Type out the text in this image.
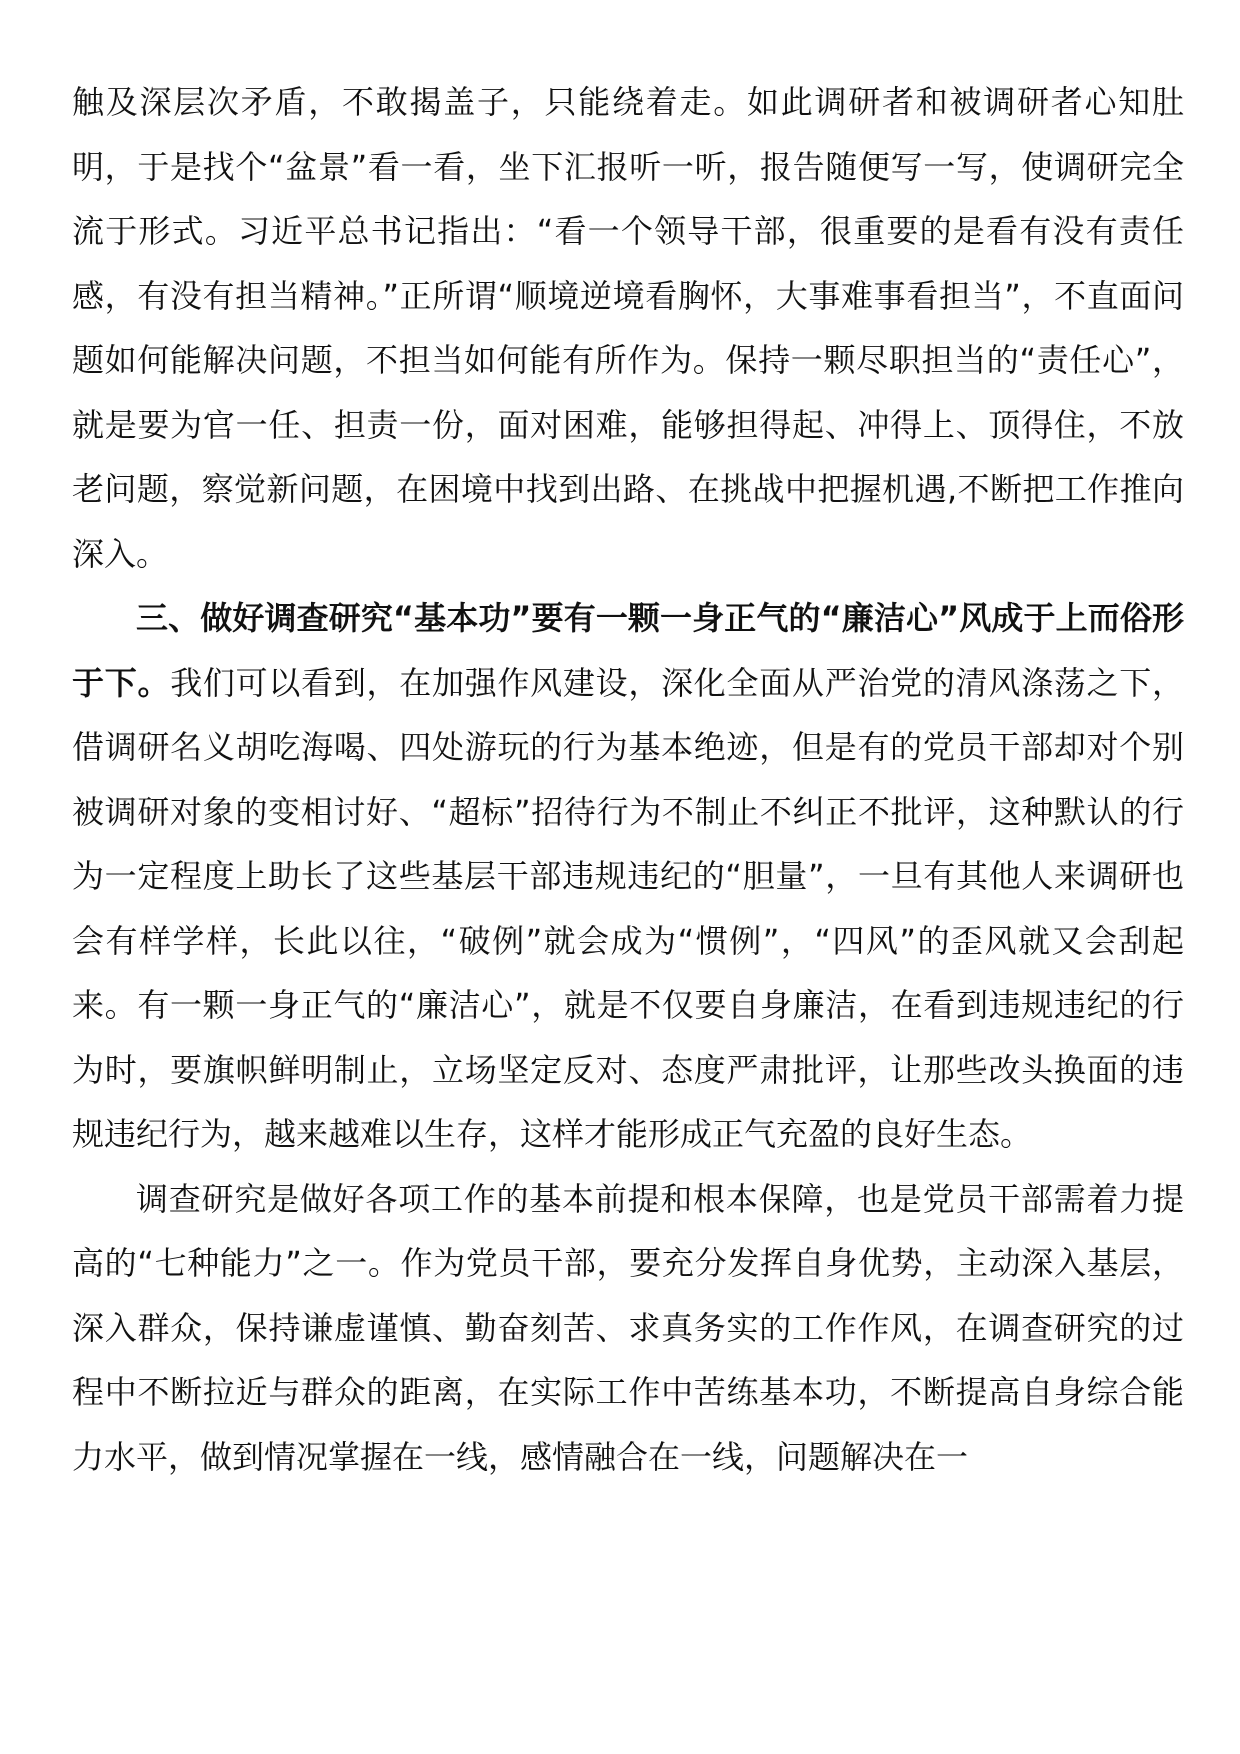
触及深层次矛盾，不敢揭盖子，只能绕着走。如此调研者和被调研者心知肚明，于是找个“盆景”看一看，坐下汇报听一听，报告随便写一写，使调研完全流于形式。习近平总书记指出：“看一个领导干部，很重要的是看有没有责任感，有没有担当精神。”正所谓“顺境逆境看胸怀，大事难事看担当”，不直面问题如何能解决问题，不担当如何能有所作为。保持一颗尽职担当的“责任心”，就是要为官一任、担责一份，面对困难，能够担得起、冲得上、顶得住，不放老问题，察觉新问题，在困境中找到出路、在挑战中把握机遇,不断把工作推向深入。

三、做好调查研究“基本功”要有一颗一身正气的“廉洁心”风成于上而俗形于下。我们可以看到，在加强作风建设，深化全面从严治党的清风涤荡之下，借调研名义胡吃海喝、四处游玩的行为基本绝迹，但是有的党员干部却对个别被调研对象的变相讨好、“超标”招待行为不制止不纠正不批评，这种默认的行为一定程度上助长了这些基层干部违规违纪的“胆量”，一旦有其他人来调研也会有样学样，长此以往，“破例”就会成为“惯例”，“四风”的歪风就又会刮起来。有一颗一身正气的“廉洁心”，就是不仅要自身廉洁，在看到违规违纪的行为时，要旗帜鲜明制止，立场坚定反对、态度严肃批评，让那些改头换面的违规违纪行为，越来越难以生存，这样才能形成正气充盈的良好生态。

调查研究是做好各项工作的基本前提和根本保障，也是党员干部需着力提高的“七种能力”之一。作为党员干部，要充分发挥自身优势，主动深入基层，深入群众，保持谦虚谨慎、勤奋刻苦、求真务实的工作作风，在调查研究的过程中不断拉近与群众的距离，在实际工作中苦练基本功，不断提高自身综合能力水平，做到情况掌握在一线，感情融合在一线，问题解决在一
